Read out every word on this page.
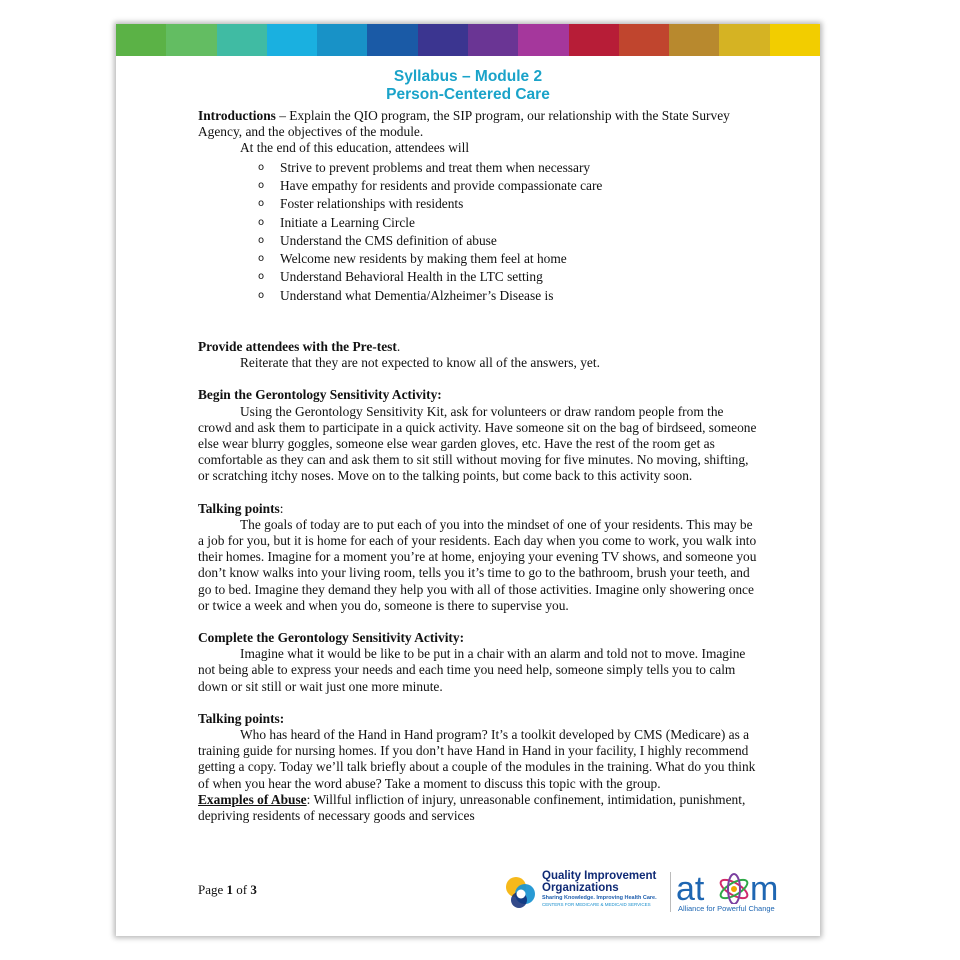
Syllabus – Module 2
Person-Centered Care

Introductions – Explain the QIO program, the SIP program, our relationship with the State Survey Agency, and the objectives of the module.

At the end of this education, attendees will

o Strive to prevent problems and treat them when necessary
o Have empathy for residents and provide compassionate care
o Foster relationships with residents
o Initiate a Learning Circle
o Understand the CMS definition of abuse
o Welcome new residents by making them feel at home
o Understand Behavioral Health in the LTC setting
o Understand what Dementia/Alzheimer’s Disease is

Provide attendees with the Pre-test.

Reiterate that they are not expected to know all of the answers, yet.

Begin the Gerontology Sensitivity Activity:

Using the Gerontology Sensitivity Kit, ask for volunteers or draw random people from the crowd and ask them to participate in a quick activity. Have someone sit on the bag of birdseed, someone else wear blurry goggles, someone else wear garden gloves, etc. Have the rest of the room get as comfortable as they can and ask them to sit still without moving for five minutes. No moving, shifting, or scratching itchy noses. Move on to the talking points, but come back to this activity soon.

Talking points:

The goals of today are to put each of you into the mindset of one of your residents. This may be a job for you, but it is home for each of your residents. Each day when you come to work, you walk into their homes. Imagine for a moment you’re at home, enjoying your evening TV shows, and someone you don’t know walks into your living room, tells you it’s time to go to the bathroom, brush your teeth, and go to bed. Imagine they demand they help you with all of those activities. Imagine only showering once or twice a week and when you do, someone is there to supervise you.

Complete the Gerontology Sensitivity Activity:

Imagine what it would be like to be put in a chair with an alarm and told not to move. Imagine not being able to express your needs and each time you need help, someone simply tells you to calm down or sit still or wait just one more minute.

Talking points:

Who has heard of the Hand in Hand program? It’s a toolkit developed by CMS (Medicare) as a training guide for nursing homes. If you don’t have Hand in Hand in your facility, I highly recommend getting a copy. Today we’ll talk briefly about a couple of the modules in the training. What do you think of when you hear the word abuse? Take a moment to discuss this topic with the group.

Examples of Abuse: Willful infliction of injury, unreasonable confinement, intimidation, punishment, depriving residents of necessary goods and services

Page 1 of 3
Quality Improvement
Organizations
Sharing Knowledge. Improving Health Care.
CENTERS FOR MEDICARE & MEDICAID SERVICES at m
Alliance for Powerful Change
